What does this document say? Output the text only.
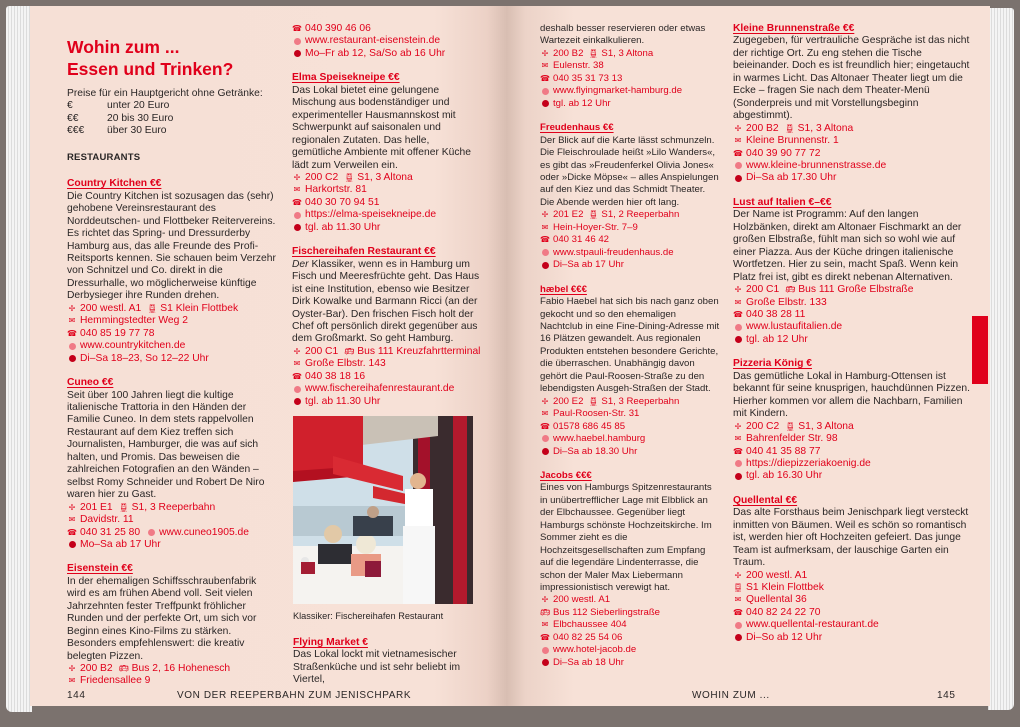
Wohin zum ...
Essen und Trinken?
Preise für ein Hauptgericht ohne Getränke:
€	unter 20 Euro
€€	20 bis 30 Euro
€€€	über 30 Euro
RESTAURANTS
Country Kitchen €€
Die Country Kitchen ist sozusagen das (sehr) gehobene Vereinsrestaurant des Norddeutschen- und Flottbeker Reitervereins. Es richtet das Spring- und Dressurderby Hamburg aus, das alle Freunde des Profi-Reitsports kennen. Sie schauen beim Verzehr von Schnitzel und Co. direkt in die Dressurhalle, wo möglicherweise künftige Derbysieger ihre Runden drehen.
✢ 200 westl. A1 🚆︎ S1 Klein Flottbek
✉ Hemmingstedter Weg 2
☎ 040 85 19 77 78
www.countrykitchen.de
Di–Sa 18–23, So 12–22 Uhr
Cuneo €€
Seit über 100 Jahren liegt die kultige italienische Trattoria in den Händen der Familie Cuneo. In dem stets rappelvollen Restaurant auf dem Kiez treffen sich Journalisten, Hamburger, die was auf sich halten, und Promis. Das beweisen die zahlreichen Fotografien an den Wänden – selbst Romy Schneider und Robert De Niro waren hier zu Gast.
✢ 201 E1 🚆︎ S1, 3 Reeperbahn
✉ Davidstr. 11
☎ 040 31 25 80 www.cuneo1905.de
Mo–Sa ab 17 Uhr
Eisenstein €€
In der ehemaligen Schiffsschraubenfabrik wird es am frühen Abend voll. Seit vielen Jahrzehnten fester Treffpunkt fröhlicher Runden und der perfekte Ort, um sich vor Beginn eines Kino-Films zu stärken. Besonders empfehlenswert: die kreativ belegten Pizzen.
✢ 200 B2 🚌︎ Bus 2, 16 Hohenesch
✉ Friedensallee 9
☎ 040 390 46 06
www.restaurant-eisenstein.de
Mo–Fr ab 12, Sa/So ab 16 Uhr
Elma Speisekneipe €€
Das Lokal bietet eine gelungene Mischung aus bodenständiger und experimenteller Hausmannskost mit Schwerpunkt auf saisonalen und regionalen Zutaten. Das helle, gemütliche Ambiente mit offener Küche lädt zum Verweilen ein.
✢ 200 C2 🚆︎ S1, 3 Altona
✉ Harkortstr. 81
☎ 040 30 70 94 51
https://elma-speisekneipe.de
tgl. ab 11.30 Uhr
Fischereihafen Restaurant €€
Der Klassiker, wenn es in Hamburg um Fisch und Meeresfrüchte geht. Das Haus ist eine Institution, ebenso wie Besitzer Dirk Kowalke und Barmann Ricci (an der Oyster-Bar). Den frischen Fisch holt der Chef oft persönlich direkt gegenüber aus dem Großmarkt. So geht Hamburg.
✢ 200 C1 🚌︎ Bus 111 Kreuzfahrtterminal
✉ Große Elbstr. 143
☎ 040 38 18 16
www.fischereihafenrestaurant.de
tgl. ab 11.30 Uhr
Klassiker: Fischereihafen Restaurant
Flying Market €
Das Lokal lockt mit vietnamesischer Straßenküche und ist sehr beliebt im Viertel,
deshalb besser reservieren oder etwas Wartezeit einkalkulieren.
✢ 200 B2 🚆︎ S1, 3 Altona
✉ Eulenstr. 38
☎ 040 35 31 73 13
www.flyingmarket-hamburg.de
tgl. ab 12 Uhr
Freudenhaus €€
Der Blick auf die Karte lässt schmunzeln. Die Fleischroulade heißt »Lilo Wanders«, es gibt das »Freudenferkel Olivia Jones« oder »Dicke Möpse« – alles Anspielungen auf den Kiez und das Schmidt Theater. Die Abende werden hier oft lang.
✢ 201 E2 🚆︎ S1, 2 Reeperbahn
✉ Hein-Hoyer-Str. 7–9
☎ 040 31 46 42
www.stpauli-freudenhaus.de
Di–Sa ab 17 Uhr
hæbel €€€
Fabio Haebel hat sich bis nach ganz oben gekocht und so den ehemaligen Nachtclub in eine Fine-Dining-Adresse mit 16 Plätzen gewandelt. Aus regionalen Produkten entstehen besondere Gerichte, die überraschen. Unabhängig davon gehört die Paul-Roosen-Straße zu den lebendigsten Ausgeh-Straßen der Stadt.
✢ 200 E2 🚆︎ S1, 3 Reeperbahn
✉ Paul-Roosen-Str. 31
☎ 01578 686 45 85
www.haebel.hamburg
Di–Sa ab 18.30 Uhr
Jacobs €€€
Eines von Hamburgs Spitzenrestaurants in unübertrefflicher Lage mit Elbblick an der Elbchaussee. Gegenüber liegt Hamburgs schönste Hochzeitskirche. Im Sommer zieht es die Hochzeitsgesellschaften zum Empfang auf die legendäre Lindenterrasse, die schon der Maler Max Liebermann impressionistisch verewigt hat.
✢ 200 westl. A1
🚌︎ Bus 112 Sieberlingstraße
✉ Elbchaussee 404
☎ 040 82 25 54 06
www.hotel-jacob.de
Di–Sa ab 18 Uhr
Kleine Brunnenstraße €€
Zugegeben, für vertrauliche Gespräche ist das nicht der richtige Ort. Zu eng stehen die Tische beieinander. Doch es ist freundlich hier; eingetaucht in warmes Licht. Das Altonaer Theater liegt um die Ecke – fragen Sie nach dem Theater-Menü (Sonderpreis und mit Vorstellungsbeginn abgestimmt).
✢ 200 B2 🚆︎ S1, 3 Altona
✉ Kleine Brunnenstr. 1
☎ 040 39 90 77 72
www.kleine-brunnenstrasse.de
Di–Sa ab 17.30 Uhr
Lust auf Italien €–€€
Der Name ist Programm: Auf den langen Holzbänken, direkt am Altonaer Fischmarkt an der großen Elbstraße, fühlt man sich so wohl wie auf einer Piazza. Aus der Küche dringen italienische Wortfetzen. Hier zu sein, macht Spaß. Wenn kein Platz frei ist, gibt es direkt nebenan Alternativen.
✢ 200 C1 🚌︎ Bus 111 Große Elbstraße
✉ Große Elbstr. 133
☎ 040 38 28 11
www.lustaufitalien.de
tgl. ab 12 Uhr
Pizzeria König €
Das gemütliche Lokal in Hamburg-Ottensen ist bekannt für seine knusprigen, hauchdünnen Pizzen. Hierher kommen vor allem die Nachbarn, Familien mit Kindern.
✢ 200 C2 🚆︎ S1, 3 Altona
✉ Bahrenfelder Str. 98
☎ 040 41 35 88 77
https://diepizzeriakoenig.de
tgl. ab 16.30 Uhr
Quellental €€
Das alte Forsthaus beim Jenischpark liegt versteckt inmitten von Bäumen. Weil es schön so romantisch ist, werden hier oft Hochzeiten gefeiert. Das junge Team ist aufmerksam, der lauschige Garten ein Traum.
✢ 200 westl. A1
🚆︎ S1 Klein Flottbek
✉ Quellental 36
☎ 040 82 24 22 70
www.quellental-restaurant.de
Di–So ab 12 Uhr
144	VON DER REEPERBAHN ZUM JENISCHPARK	WOHIN ZUM ...	145
